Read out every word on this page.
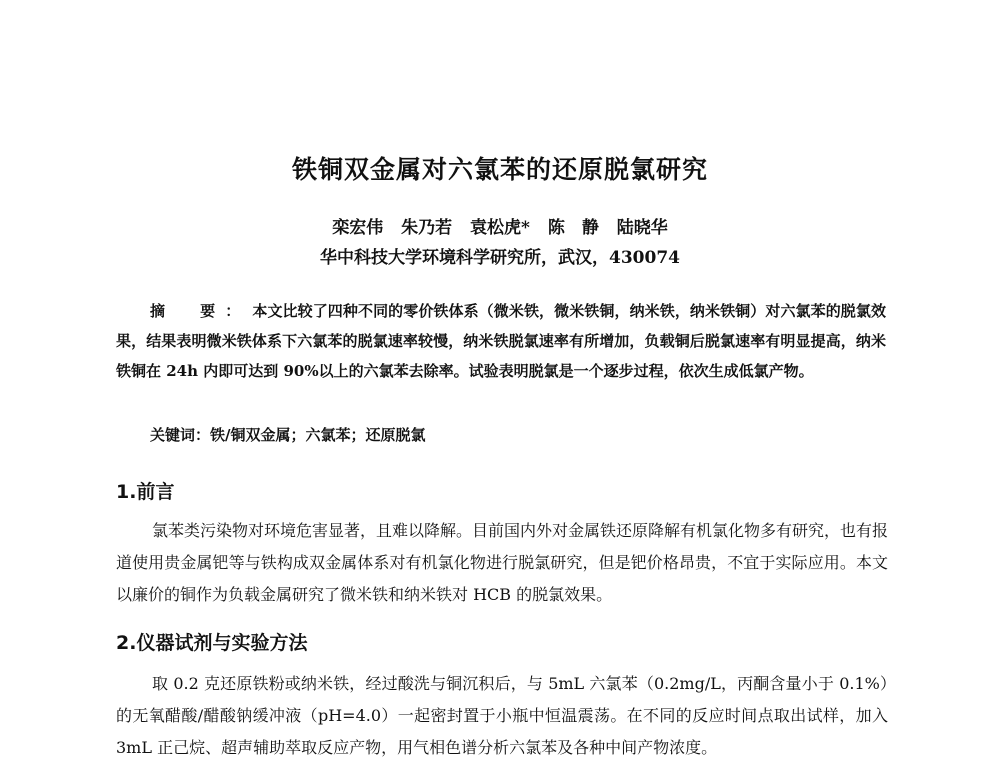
铁铜双金属对六氯苯的还原脱氯研究
栾宏伟 朱乃若 袁松虎* 陈　静 陆晓华
华中科技大学环境科学研究所，武汉，430074
摘　要： 本文比较了四种不同的零价铁体系（微米铁，微米铁铜，纳米铁，纳米铁铜）对六氯苯的脱氯效果，结果表明微米铁体系下六氯苯的脱氯速率较慢，纳米铁脱氯速率有所增加，负载铜后脱氯速率有明显提高，纳米铁铜在 24h 内即可达到 90%以上的六氯苯去除率。试验表明脱氯是一个逐步过程，依次生成低氯产物。
关键词：铁/铜双金属；六氯苯；还原脱氯
1.前言
氯苯类污染物对环境危害显著，且难以降解。目前国内外对金属铁还原降解有机氯化物多有研究，也有报道使用贵金属钯等与铁构成双金属体系对有机氯化物进行脱氯研究，但是钯价格昂贵，不宜于实际应用。本文以廉价的铜作为负载金属研究了微米铁和纳米铁对 HCB 的脱氯效果。
2.仪器试剂与实验方法
取 0.2 克还原铁粉或纳米铁，经过酸洗与铜沉积后，与 5mL 六氯苯（0.2mg/L，丙酮含量小于 0.1%）的无氧醋酸/醋酸钠缓冲液（pH=4.0）一起密封置于小瓶中恒温震荡。在不同的反应时间点取出试样，加入 3mL 正己烷、超声辅助萃取反应产物，用气相色谱分析六氯苯及各种中间产物浓度。
